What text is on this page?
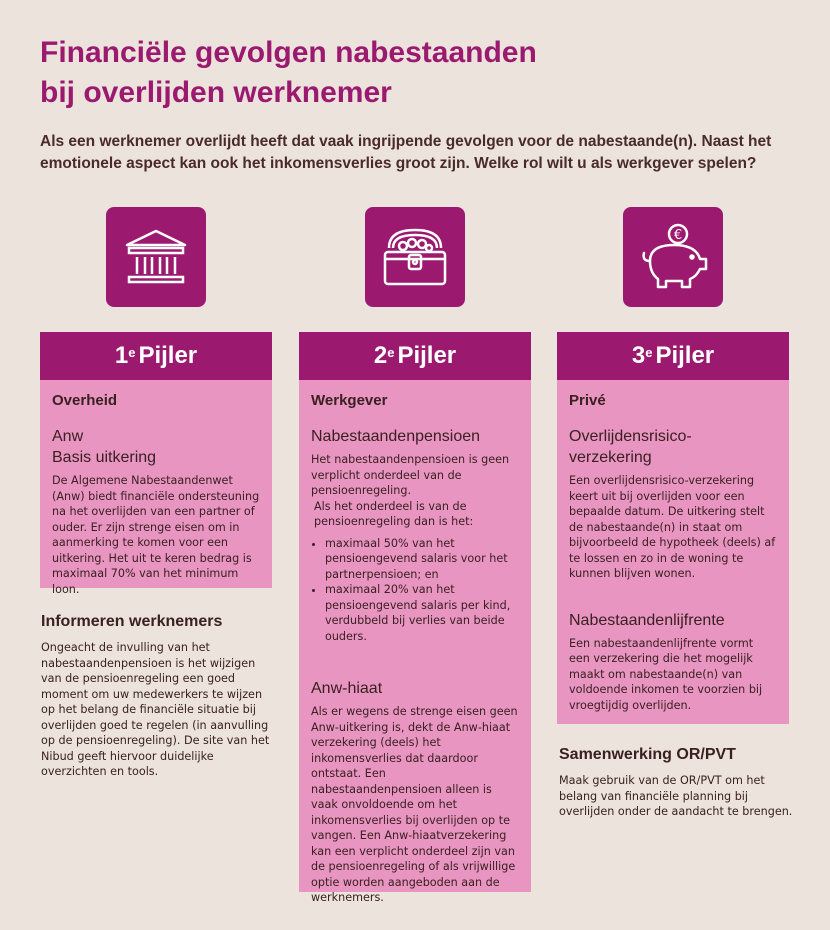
Financiële gevolgen nabestaanden
bij overlijden werknemer
Als een werknemer overlijdt heeft dat vaak ingrijpende gevolgen voor de nabestaande(n). Naast het emotionele aspect kan ook het inkomensverlies groot zijn. Welke rol wilt u als werkgever spelen?
€
1e Pijler
Overheid
Anw
Basis uitkering
De Algemene Nabestaandenwet (Anw) biedt financiële ondersteuning na het overlijden van een partner of ouder. Er zijn strenge eisen om in aanmerking te komen voor een uitkering. Het uit te keren bedrag is maximaal 70% van het minimum loon.
2e Pijler
Werkgever
Nabestaandenpensioen
Het nabestaandenpensioen is geen verplicht onderdeel van de pensioenregeling.
Als het onderdeel is van de pensioenregeling dan is het:
• maximaal 50% van het pensioengevend salaris voor het partnerpensioen; en
• maximaal 20% van het pensioengevend salaris per kind, verdubbeld bij verlies van beide ouders.
Anw-hiaat
Als er wegens de strenge eisen geen Anw-uitkering is, dekt de Anw-hiaat verzekering (deels) het inkomensverlies dat daardoor ontstaat. Een nabestaandenpensioen alleen is vaak onvoldoende om het inkomensverlies bij overlijden op te vangen. Een Anw-hiaatverzekering kan een verplicht onderdeel zijn van de pensioenregeling of als vrijwillige optie worden aangeboden aan de werknemers.
3e Pijler
Privé
Overlijdensrisico-
verzekering
Een overlijdensrisico-verzekering keert uit bij overlijden voor een bepaalde datum. De uitkering stelt de nabestaande(n) in staat om bijvoorbeeld de hypotheek (deels) af te lossen en zo in de woning te kunnen blijven wonen.
Nabestaandenlijfrente
Een nabestaandenlijfrente vormt een verzekering die het mogelijk maakt om nabestaande(n) van voldoende inkomen te voorzien bij vroegtijdig overlijden.
Informeren werknemers
Ongeacht de invulling van het nabestaandenpensioen is het wijzigen van de pensioenregeling een goed moment om uw medewerkers te wijzen op het belang de financiële situatie bij overlijden goed te regelen (in aanvulling op de pensioenregeling). De site van het Nibud geeft hiervoor duidelijke overzichten en tools.
Samenwerking OR/PVT
Maak gebruik van de OR/PVT om het belang van financiële planning bij overlijden onder de aandacht te brengen.
